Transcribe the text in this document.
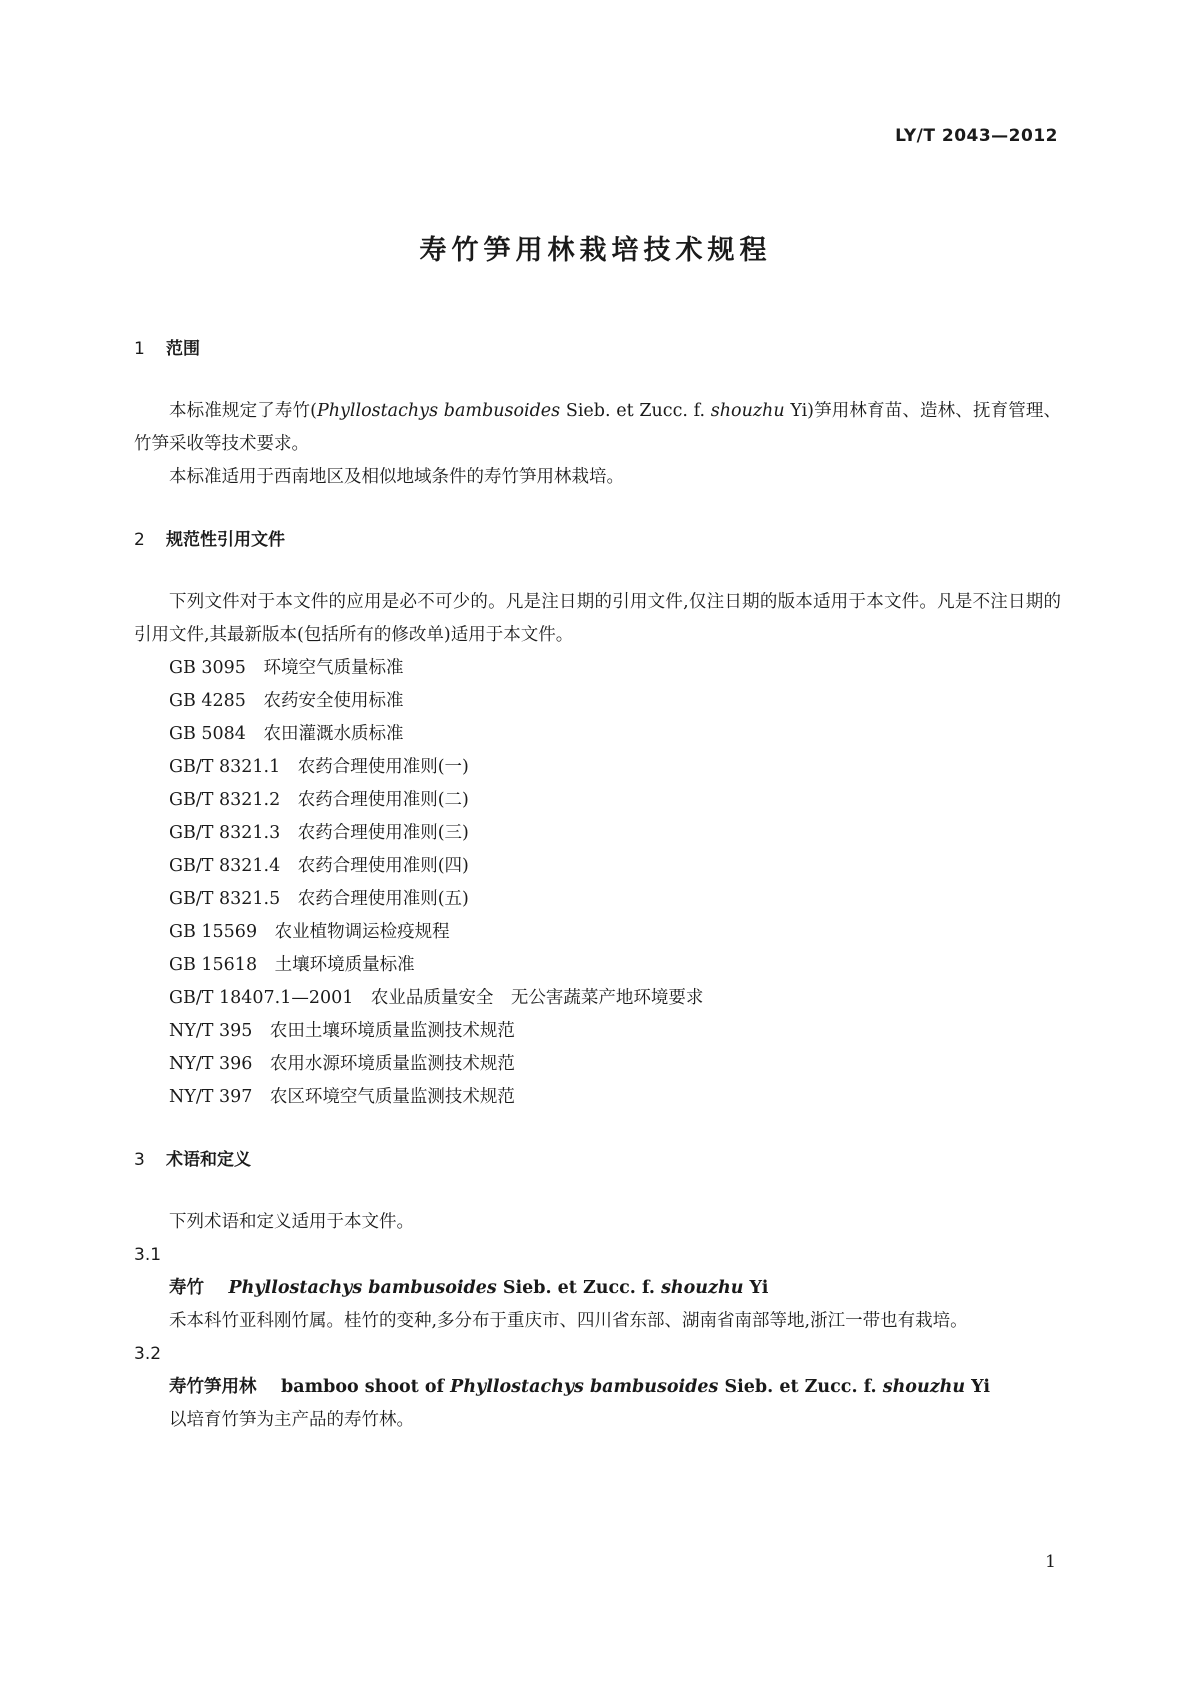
LY/T 2043—2012

寿竹笋用林栽培技术规程
1 范围

本标准规定了寿竹(Phyllostachys bambusoides Sieb. et Zucc. f. shouzhu Yi)笋用林育苗、造林、抚育管理、竹笋采收等技术要求。

本标准适用于西南地区及相似地域条件的寿竹笋用林栽培。

2 规范性引用文件

下列文件对于本文件的应用是必不可少的。凡是注日期的引用文件,仅注日期的版本适用于本文件。凡是不注日期的引用文件,其最新版本(包括所有的修改单)适用于本文件。

GB 3095 环境空气质量标准

GB 4285 农药安全使用标准

GB 5084 农田灌溉水质标准

GB/T 8321.1 农药合理使用准则(一)

GB/T 8321.2 农药合理使用准则(二)

GB/T 8321.3 农药合理使用准则(三)

GB/T 8321.4 农药合理使用准则(四)

GB/T 8321.5 农药合理使用准则(五)

GB 15569 农业植物调运检疫规程

GB 15618 土壤环境质量标准

GB/T 18407.1—2001 农业品质量安全　无公害蔬菜产地环境要求

NY/T 395 农田土壤环境质量监测技术规范

NY/T 396 农用水源环境质量监测技术规范

NY/T 397 农区环境空气质量监测技术规范

3 术语和定义

下列术语和定义适用于本文件。

3.1

寿竹 Phyllostachys bambusoides Sieb. et Zucc. f. shouzhu Yi

禾本科竹亚科刚竹属。桂竹的变种,多分布于重庆市、四川省东部、湖南省南部等地,浙江一带也有栽培。

3.2

寿竹笋用林 bamboo shoot of Phyllostachys bambusoides Sieb. et Zucc. f. shouzhu Yi

以培育竹笋为主产品的寿竹林。

1
